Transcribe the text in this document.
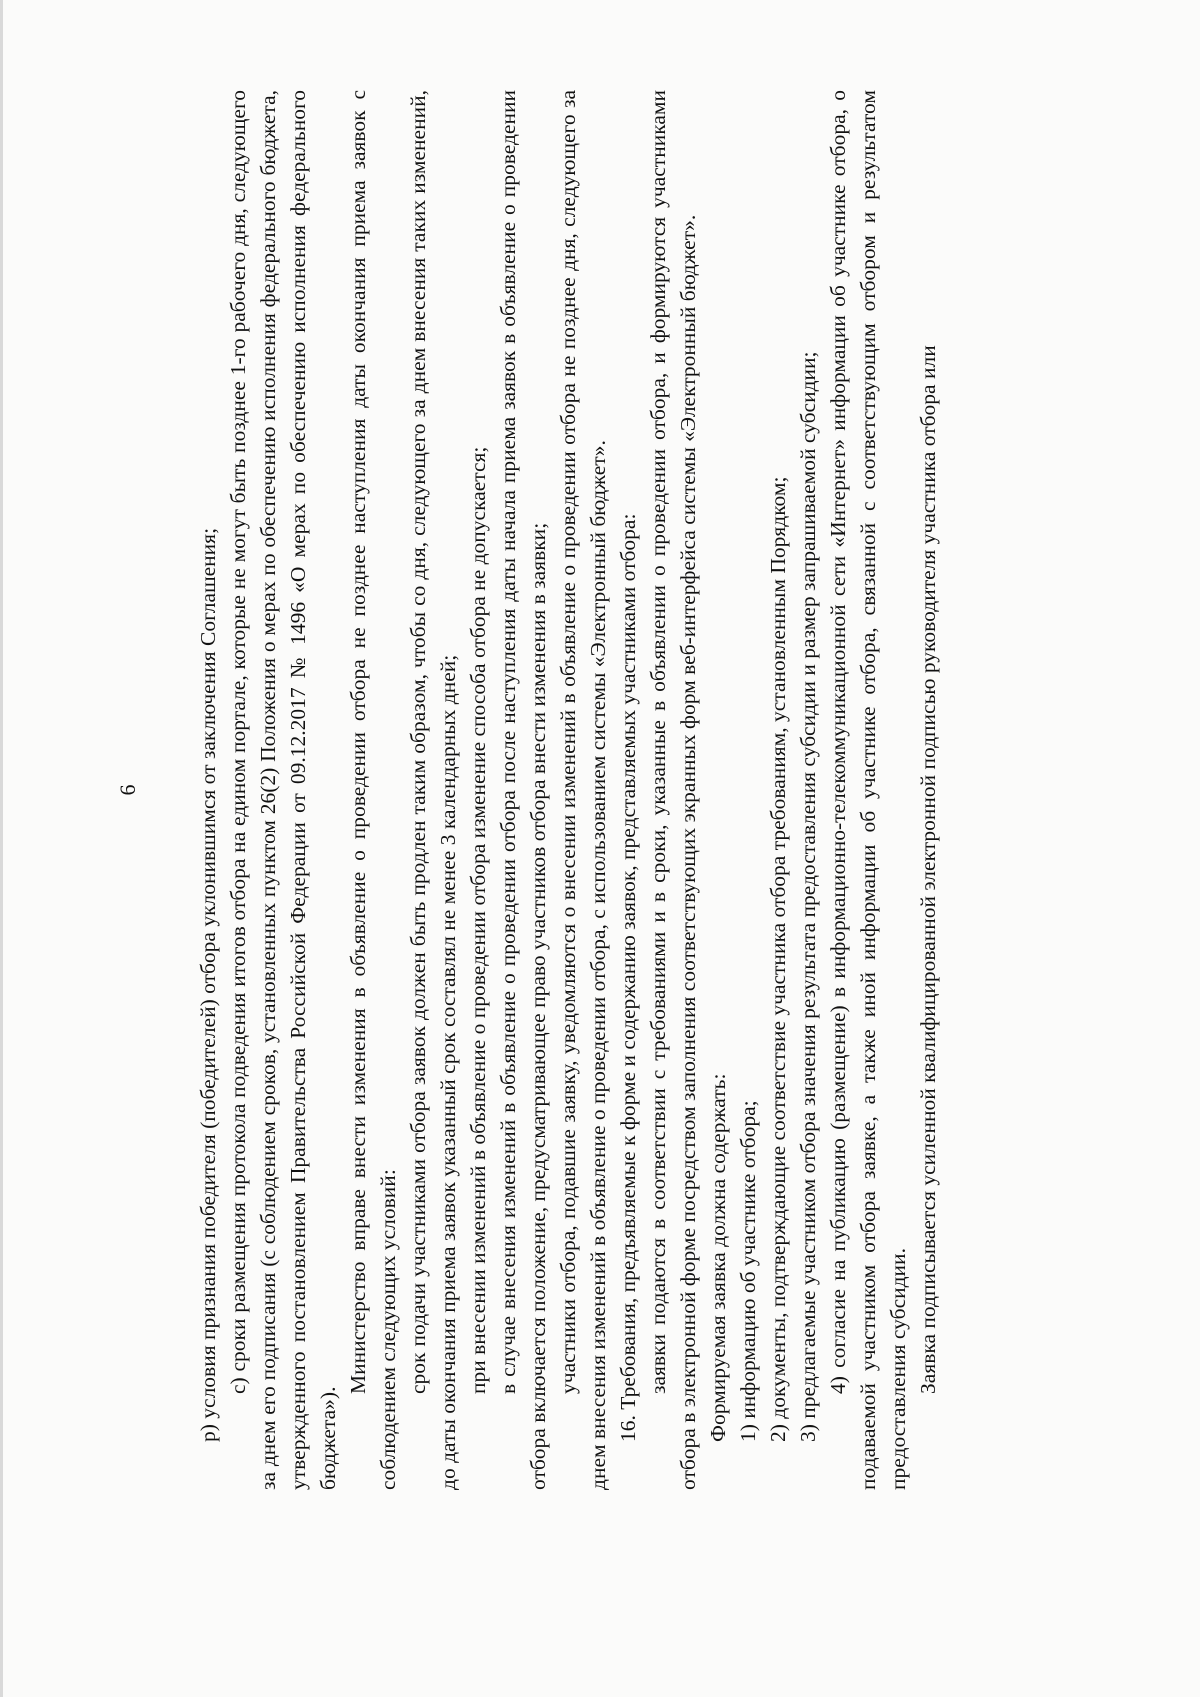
6	р) условия признания победителя (победителей) отбора уклонившимся от заключения Соглашения; с) сроки размещения протокола подведения итогов отбора на едином портале, которые не могут быть позднее 1-го рабочего дня, следующего за днем его подписания (с соблюдением сроков, установленных пунктом 26(2) Положения о мерах по обеспечению исполнения федерального бюджета, утвержденного постановлением Правительства Российской Федерации от 09.12.2017 № 1496 «О мерах по обеспечению исполнения федерального бюджета»).

Министерство вправе внести изменения в объявление о проведении отбора не позднее наступления даты окончания приема заявок с соблюдением следующих условий: срок подачи участниками отбора заявок должен быть продлен таким образом, чтобы со дня, следующего за днем внесения таких изменений, до даты окончания приема заявок указанный срок составлял не менее 3 календарных дней; при внесении изменений в объявление о проведении отбора изменение способа отбора не допускается; в случае внесения изменений в объявление о проведении отбора после наступления даты начала приема заявок в объявление о проведении отбора включается положение, предусматривающее право участников отбора внести изменения в заявки; участники отбора, подавшие заявку, уведомляются о внесении изменений в объявление о проведении отбора не позднее дня, следующего за днем внесения изменений в объявление о проведении отбора, с использованием системы «Электронный бюджет». 16. Требования, предъявляемые к форме и содержанию заявок, представляемых участниками отбора: заявки подаются в соответствии с требованиями и в сроки, указанные в объявлении о проведении отбора, и формируются участниками отбора в электронной форме посредством заполнения соответствующих экранных форм веб-интерфейса системы «Электронный бюджет». Формируемая заявка должна содержать: 1) информацию об участнике отбора; 2) документы, подтверждающие соответствие участника отбора требованиям, установленным Порядком; 3) предлагаемые участником отбора значения результата предоставления субсидии и размер запрашиваемой субсидии; 4) согласие на публикацию (размещение) в информационно-телекоммуникационной сети «Интернет» информации об участнике отбора, о подаваемой участником отбора заявке, а также иной информации об участнике отбора, связанной с соответствующим отбором и результатом предоставления субсидии. Заявка подписывается усиленной квалифицированной электронной подписью руководителя участника отбора или
